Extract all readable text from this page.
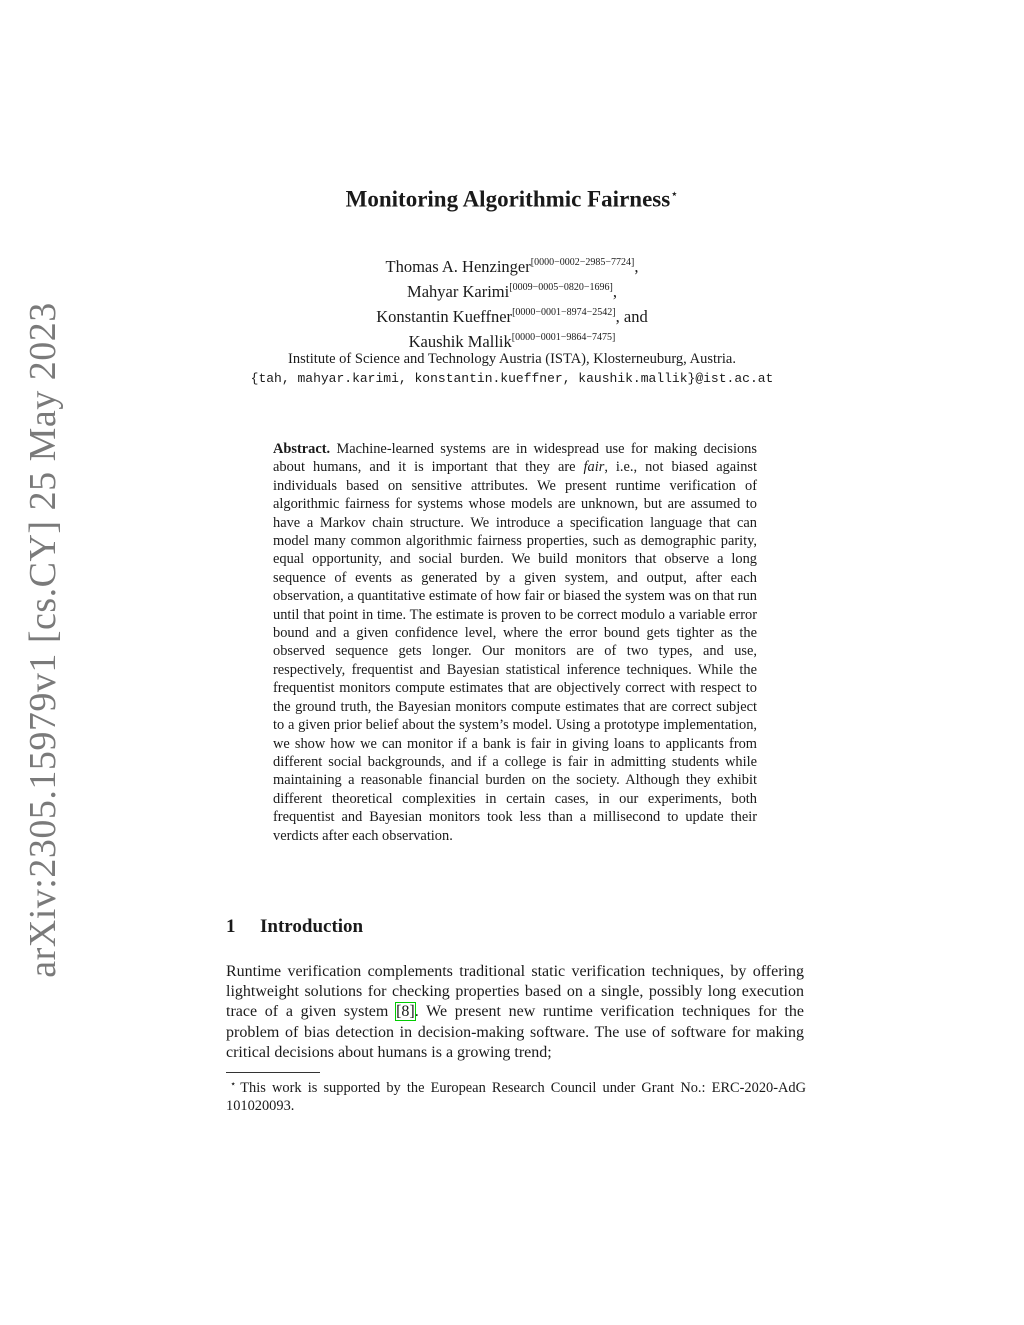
arXiv:2305.15979v1 [cs.CY] 25 May 2023
Monitoring Algorithmic Fairness⋆
Thomas A. Henzinger[0000−0002−2985−7724],
Mahyar Karimi[0009−0005−0820−1696],
Konstantin Kueffner[0000−0001−8974−2542], and
Kaushik Mallik[0000−0001−9864−7475]
Institute of Science and Technology Austria (ISTA), Klosterneuburg, Austria.
{tah, mahyar.karimi, konstantin.kueffner, kaushik.mallik}@ist.ac.at
Abstract. Machine-learned systems are in widespread use for making decisions about humans, and it is important that they are fair, i.e., not biased against individuals based on sensitive attributes. We present runtime verification of algorithmic fairness for systems whose models are unknown, but are assumed to have a Markov chain structure. We introduce a specification language that can model many common algorithmic fairness properties, such as demographic parity, equal opportunity, and social burden. We build monitors that observe a long sequence of events as generated by a given system, and output, after each observation, a quantitative estimate of how fair or biased the system was on that run until that point in time. The estimate is proven to be correct modulo a variable error bound and a given confidence level, where the error bound gets tighter as the observed sequence gets longer. Our monitors are of two types, and use, respectively, frequentist and Bayesian statistical inference techniques. While the frequentist monitors compute estimates that are objectively correct with respect to the ground truth, the Bayesian monitors compute estimates that are correct subject to a given prior belief about the system’s model. Using a prototype implementation, we show how we can monitor if a bank is fair in giving loans to applicants from different social backgrounds, and if a college is fair in admitting students while maintaining a reasonable financial burden on the society. Although they exhibit different theoretical complexities in certain cases, in our experiments, both frequentist and Bayesian monitors took less than a millisecond to update their verdicts after each observation.
1 Introduction
Runtime verification complements traditional static verification techniques, by offering lightweight solutions for checking properties based on a single, possibly long execution trace of a given system [8]. We present new runtime verification techniques for the problem of bias detection in decision-making software. The use of software for making critical decisions about humans is a growing trend;
⋆ This work is supported by the European Research Council under Grant No.: ERC-2020-AdG 101020093.
